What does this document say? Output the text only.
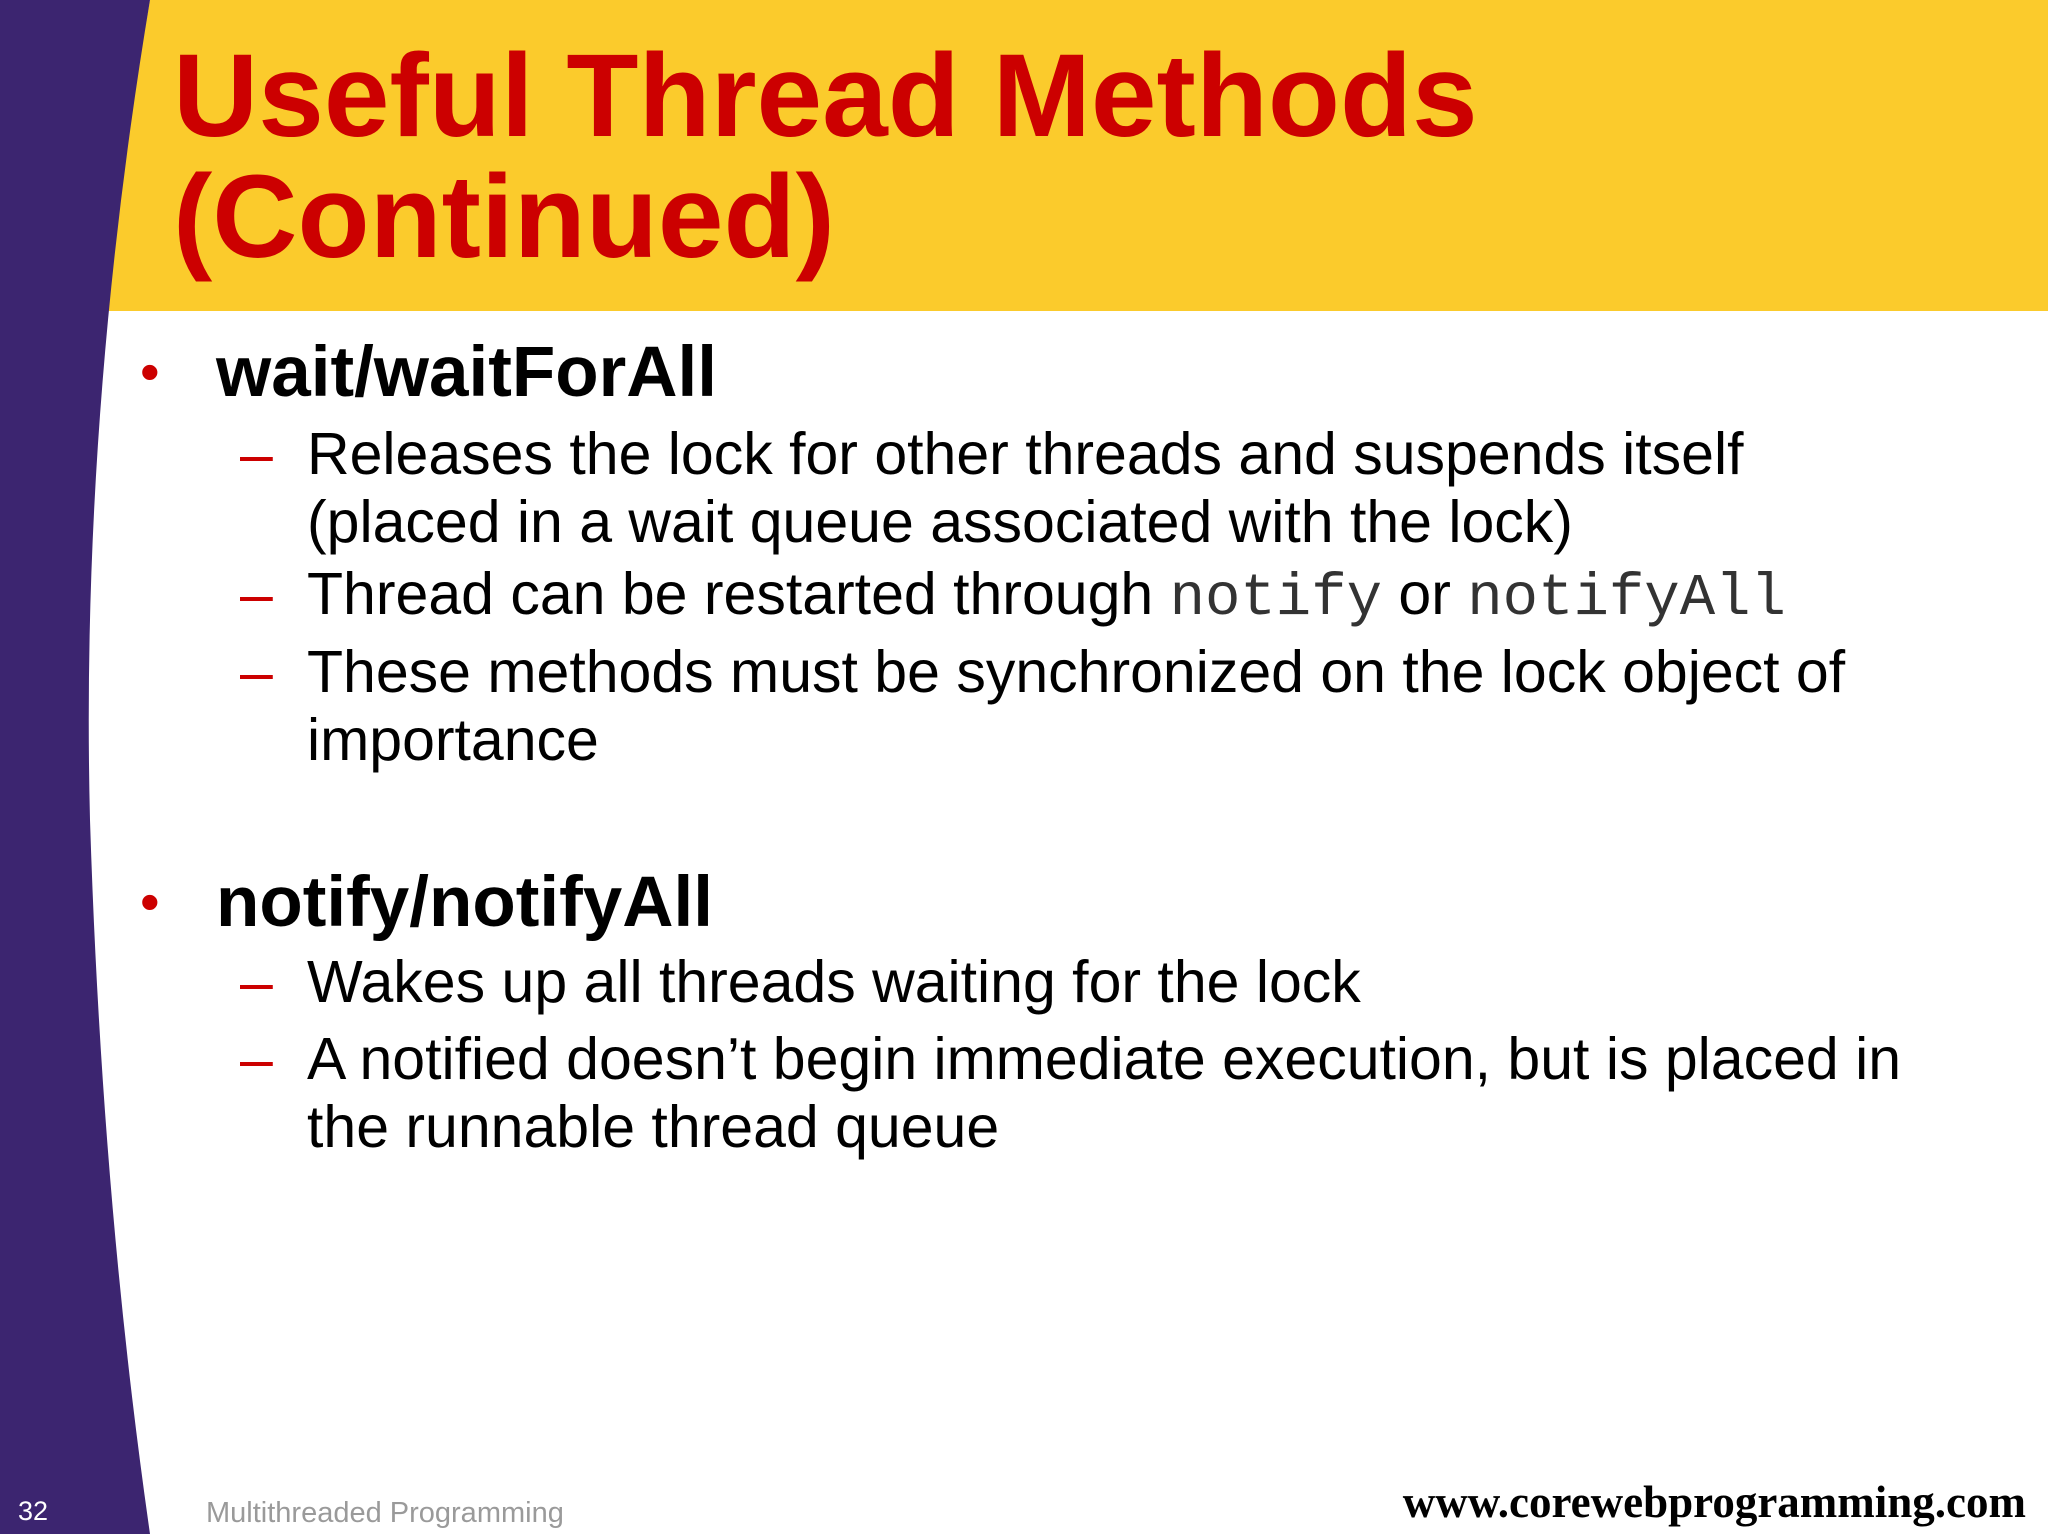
Useful Thread Methods
(Continued)
• wait/waitForAll
– Releases the lock for other threads and suspends itself
(placed in a wait queue associated with the lock)
– Thread can be restarted through notify or notifyAll
– These methods must be synchronized on the lock object of
importance
• notify/notifyAll
– Wakes up all threads waiting for the lock
– A notified doesn’t begin immediate execution, but is placed in
the runnable thread queue
32	Multithreaded Programming	www.corewebprogramming.com
